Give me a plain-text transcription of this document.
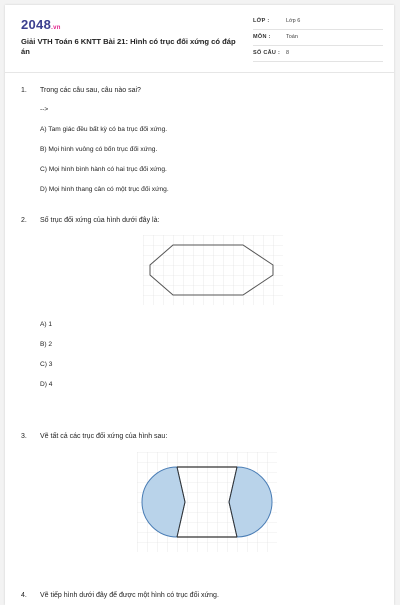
2048.vn
Giải VTH Toán 6 KNTT Bài 21: Hình có trục đối xứng có đáp án
LỚP :	Lớp 6
MÔN :	Toán
SỐ CÂU : 8
1. Trong các câu sau, câu nào sai?
-->
A) Tam giác đều bất kỳ có ba trục đối xứng.
B) Mọi hình vuông có bốn trục đối xứng.
C) Mọi hình bình hành có hai trục đối xứng.
D) Mọi hình thang cân có một trục đối xứng.
2. Số trục đối xứng của hình dưới đây là:
A) 1
B) 2
C) 3
D) 4
3. Vẽ tất cả các trục đối xứng của hình sau:
4. Vẽ tiếp hình dưới đây để được một hình có trục đối xứng.
